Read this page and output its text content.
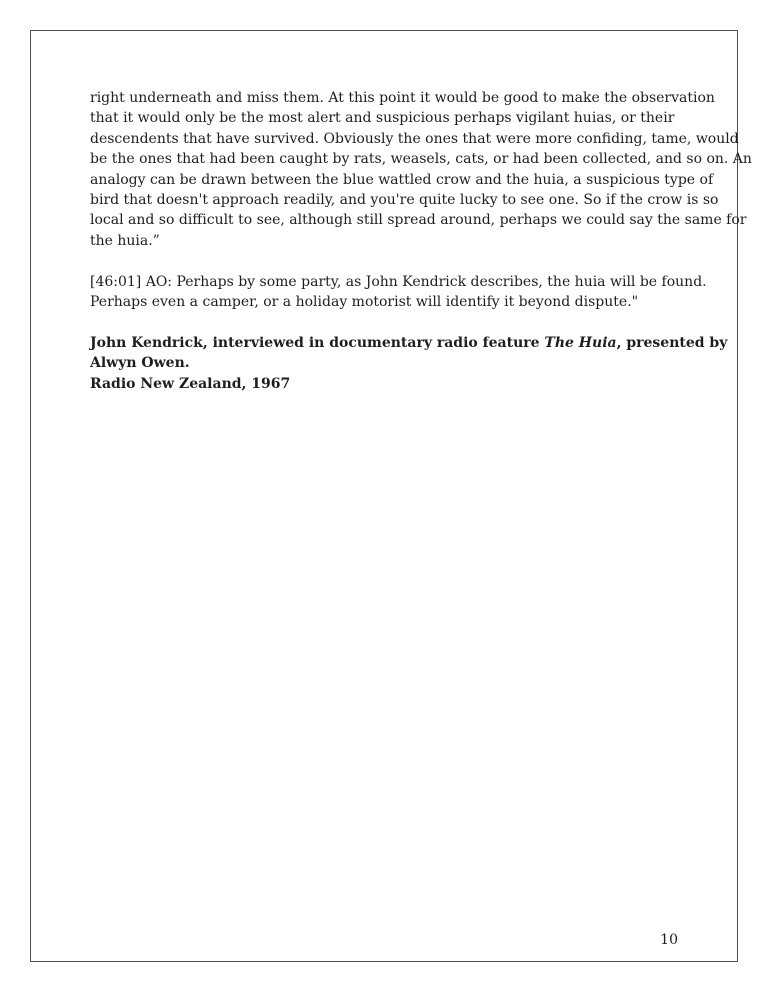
right underneath and miss them. At this point it would be good to make the observation
that it would only be the most alert and suspicious perhaps vigilant huias, or their
descendents that have survived. Obviously the ones that were more confiding, tame, would
be the ones that had been caught by rats, weasels, cats, or had been collected, and so on. An
analogy can be drawn between the blue wattled crow and the huia, a suspicious type of
bird that doesn't approach readily, and you're quite lucky to see one. So if the crow is so
local and so difficult to see, although still spread around, perhaps we could say the same for
the huia.”
[46:01] AO: Perhaps by some party, as John Kendrick describes, the huia will be found.
Perhaps even a camper, or a holiday motorist will identify it beyond dispute."
John Kendrick, interviewed in documentary radio feature The Huia, presented by
Alwyn Owen.
Radio New Zealand, 1967
10
